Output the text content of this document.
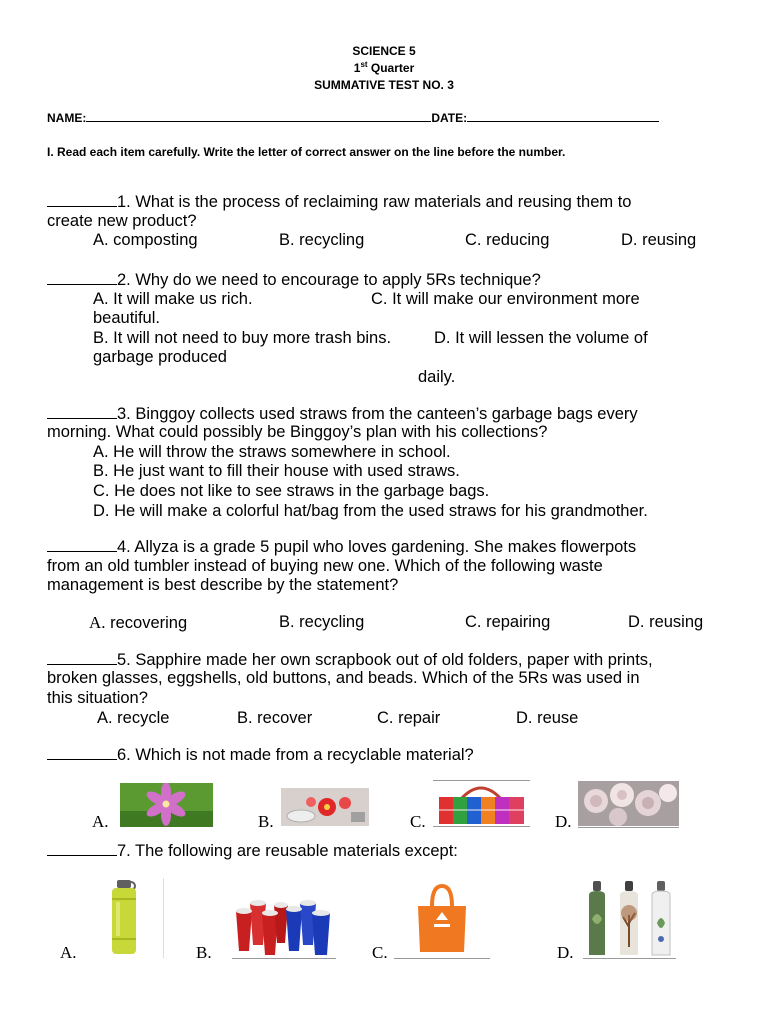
SCIENCE 5
1st Quarter
SUMMATIVE TEST NO. 3
NAME:	DATE:
I. Read each item carefully. Write the letter of correct answer on the line before the number.
1. What is the process of reclaiming raw materials and reusing them to
create new product?
A. composting	B. recycling	C. reducing	D. reusing
2. Why do we need to encourage to apply 5Rs technique?
A. It will make us rich.	C. It will make our environment more
beautiful.
B. It will not need to buy more trash bins.	D. It will lessen the volume of
garbage produced
daily.
3. Binggoy collects used straws from the canteen’s garbage bags every
morning. What could possibly be Binggoy’s plan with his collections?
A. He will throw the straws somewhere in school.
B. He just want to fill their house with used straws.
C. He does not like to see straws in the garbage bags.
D. He will make a colorful hat/bag from the used straws for his grandmother.
4. Allyza is a grade 5 pupil who loves gardening. She makes flowerpots
from an old tumbler instead of buying new one. Which of the following waste
management is best describe by the statement?
A. recovering	B. recycling	C. repairing	D. reusing
5. Sapphire made her own scrapbook out of old folders, paper with prints,
broken glasses, eggshells, old buttons, and beads. Which of the 5Rs was used in
this situation?
A. recycle	B. recover	C. repair	D. reuse
6. Which is not made from a recyclable material?
A.	B.	C.	D.
7. The following are reusable materials except:
A.	B.	C.	D.
